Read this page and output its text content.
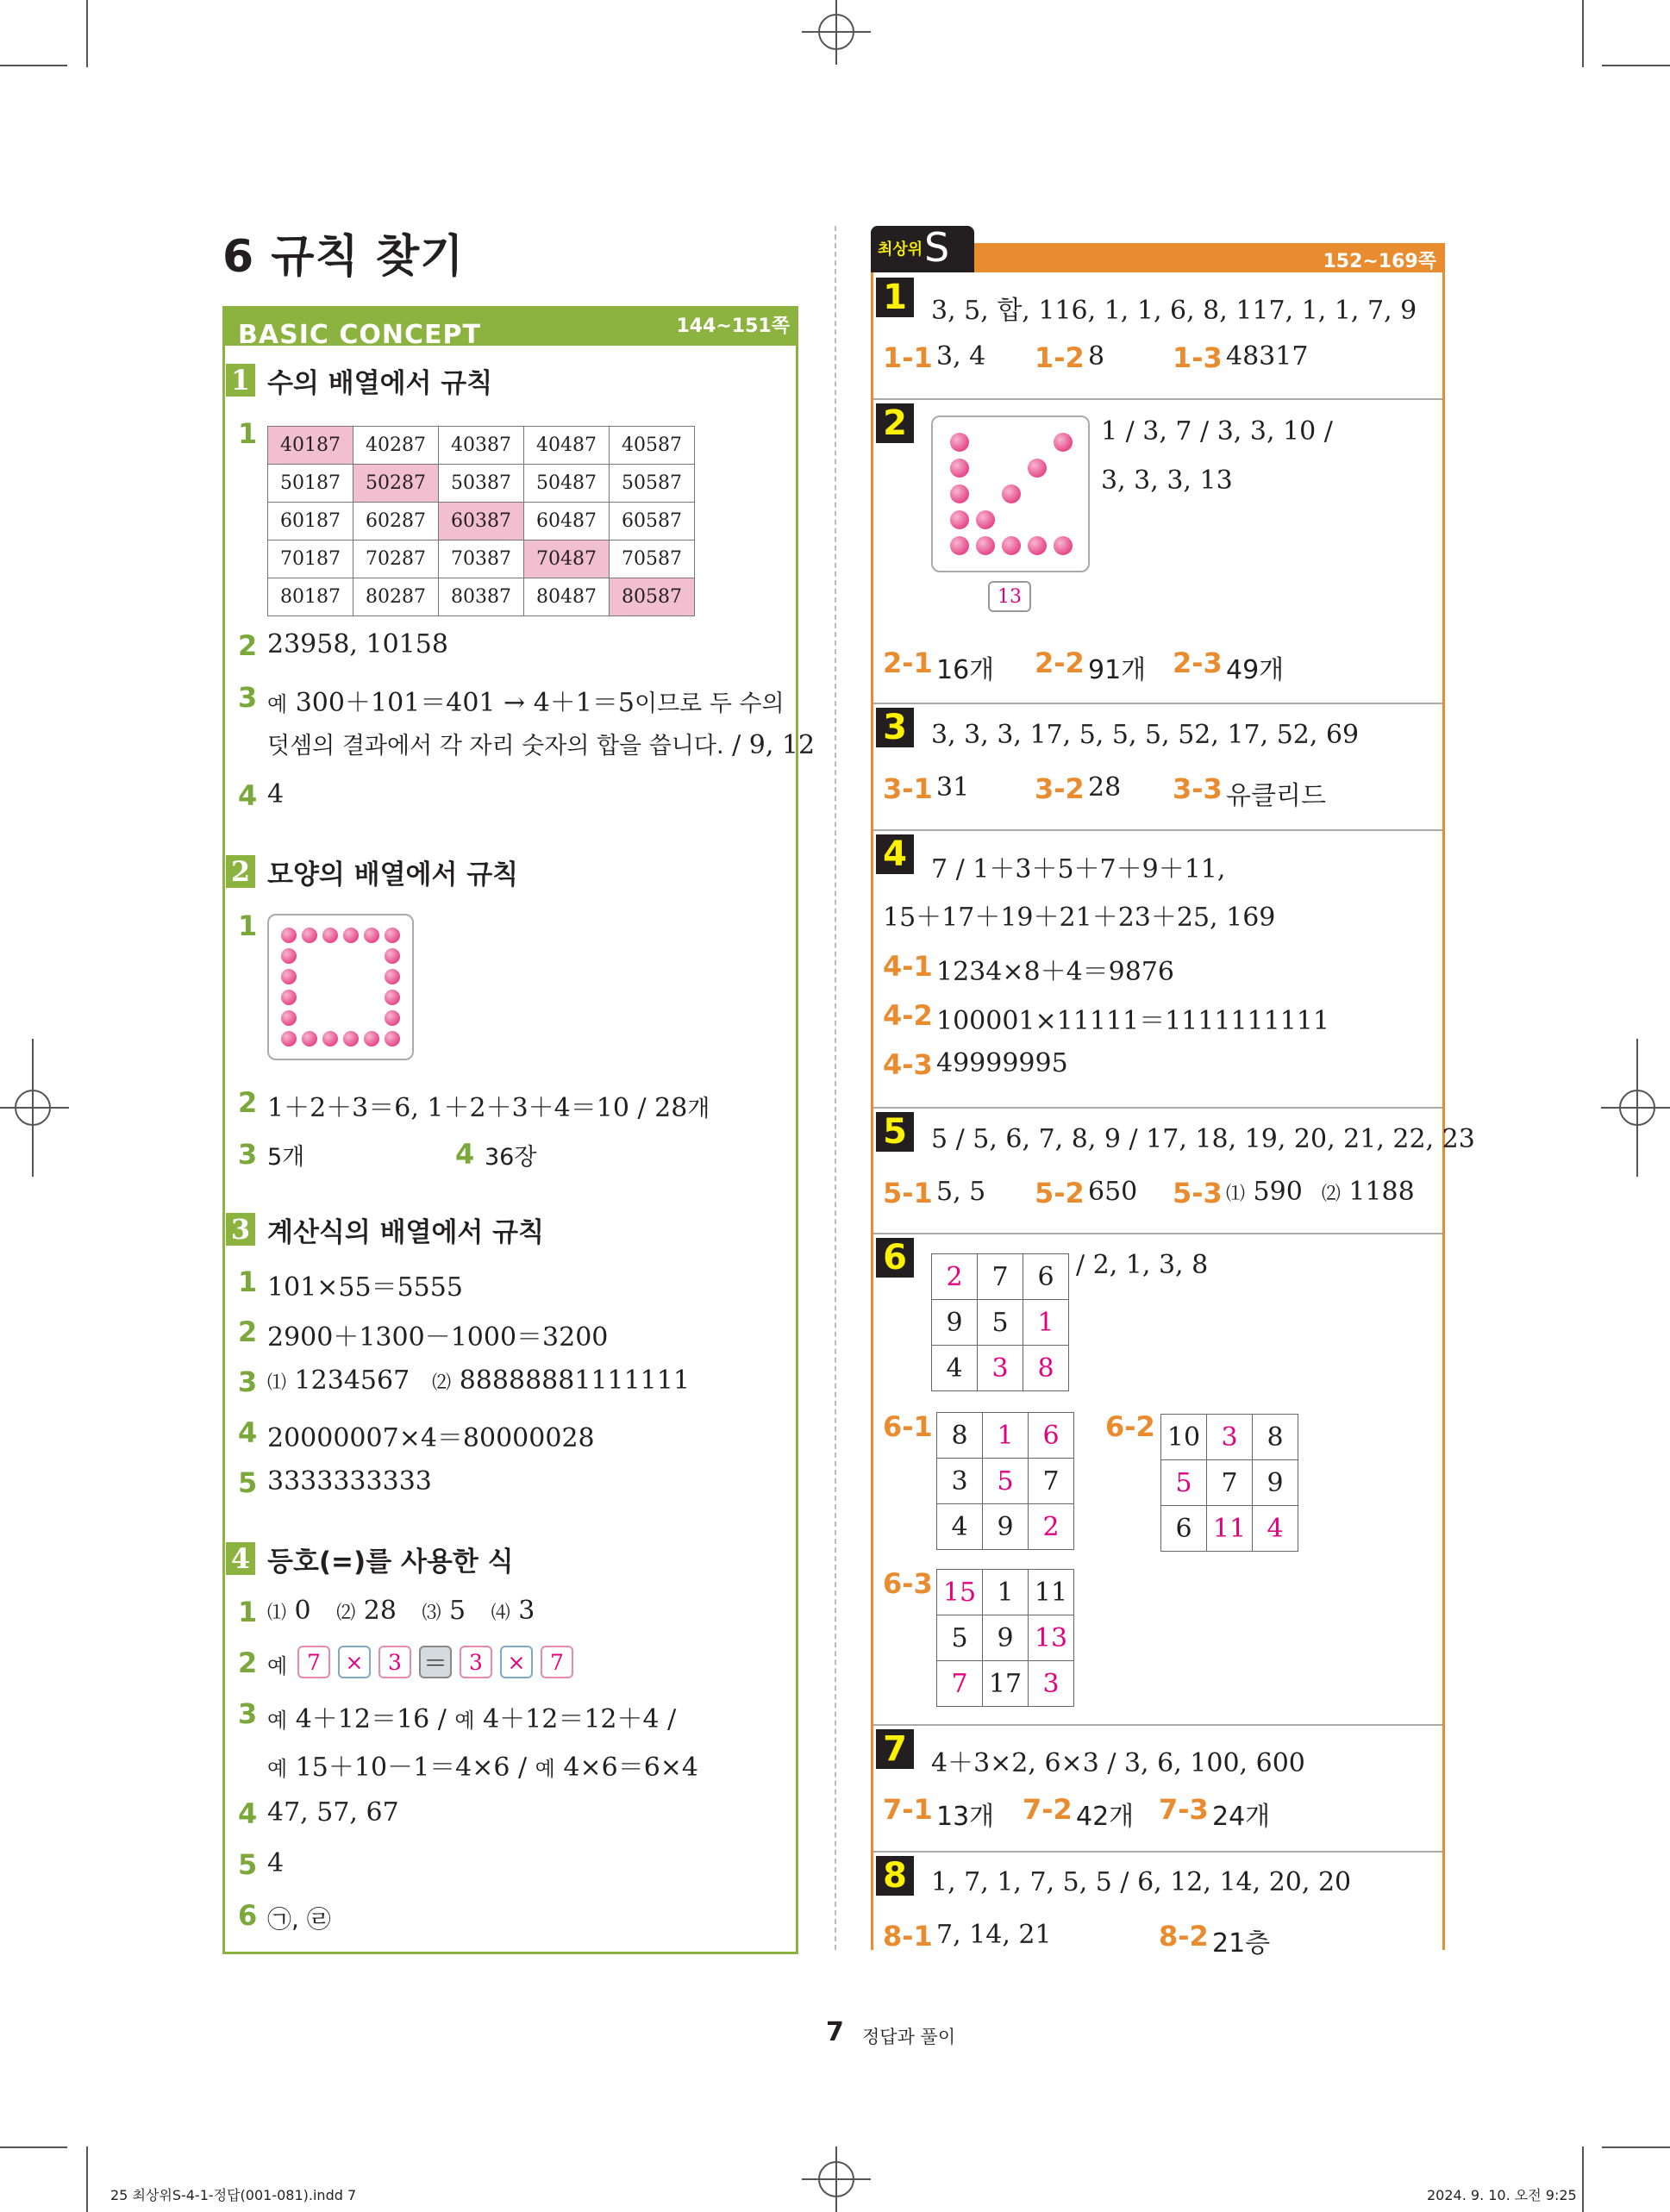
6 규칙 찾기
BASIC CONCEPT	144~151쪽
1 수의 배열에서 규칙
1 40187	40287	40387	40487	40587
50187	50287	50387	50487	50587
60187	60287	60387	60487	60587
70187	70287	70387	70487	70587
80187	80287	80387	80487	80587
2 23958, 10158
3 예 300＋101＝401 → 4＋1＝5이므로 두 수의
덧셈의 결과에서 각 자리 숫자의 합을 씁니다. / 9, 12
4 4
2 모양의 배열에서 규칙
1
2 1＋2＋3＝6, 1＋2＋3＋4＝10 / 28개
3 5개	4 36장
3 계산식의 배열에서 규칙
1 101×55＝5555
2 2900＋1300－1000＝3200
3 ⑴ 1234567 ⑵ 88888881111111
4 20000007×4＝80000028
5 3333333333
4 등호(=)를 사용한 식
1 ⑴ 0 ⑵ 28 ⑶ 5 ⑷ 3
2 예 7	×	3 ＝	3	×	7
3 예 4＋12＝16 / 예 4＋12＝12＋4 /
예 15＋10－1＝4×6 / 예 4×6＝6×4
4 47, 57, 67
5 4
6 ㉠, ㉣
152~169쪽
최상위 S
1 3, 5, 합, 116, 1, 1, 6, 8, 117, 1, 1, 7, 9
1-1 3, 4 1-2 8 1-3 48317
2
13
1 / 3, 7 / 3, 3, 10 /
3, 3, 3, 13
2-1 16개 2-2 91개 2-3 49개
3 3, 3, 3, 17, 5, 5, 5, 52, 17, 52, 69
3-1 31 3-2 28 3-3 유클리드
4 7 / 1＋3＋5＋7＋9＋11,
15＋17＋19＋21＋23＋25, 169
4-1 1234×8＋4＝9876
4-2 100001×11111＝1111111111
4-3 49999995
5 5 / 5, 6, 7, 8, 9 / 17, 18, 19, 20, 21, 22, 23
5-1 5, 5 5-2 650 5-3 ⑴ 590 ⑵ 1188
6 2	7	6
9	5	1
4	3	8
/ 2, 1, 3, 8
6-1 8	1	6
3	5	7
4	9	2
6-2 10	3	8
5	7	9
6	11	4
6-3 15	1	11
5	9	13
7	17	3
7 4＋3×2, 6×3 / 3, 6, 100, 600
7-1 13개 7-2 42개 7-3 24개
8 1, 7, 1, 7, 5, 5 / 6, 12, 14, 20, 20
8-1 7, 14, 21	8-2 21층
7 정답과 풀이
25 최상위S-4-1-정답(001-081).indd 7	2024. 9. 10. 오전 9:25
